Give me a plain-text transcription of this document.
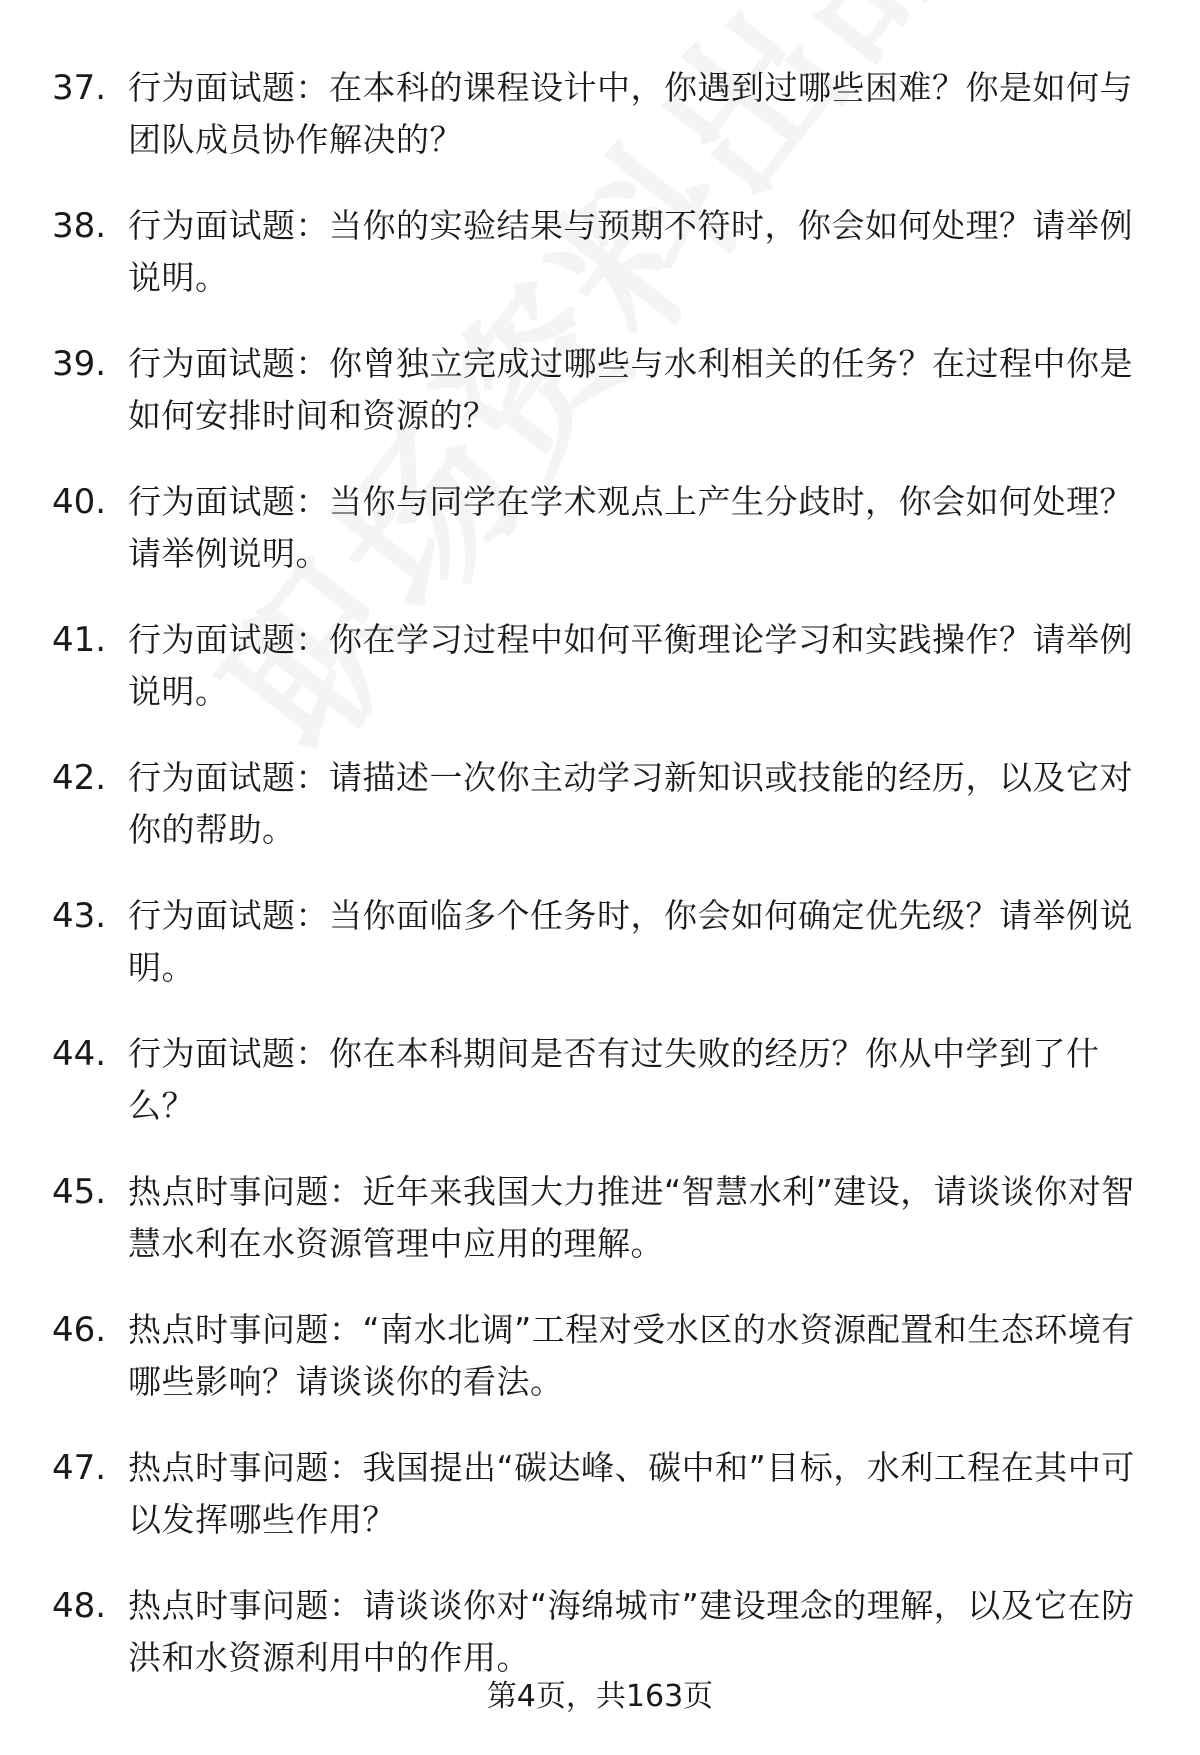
37. 行为面试题：在本科的课程设计中，你遇到过哪些困难？你是如何与团队成员协作解决的？
38. 行为面试题：当你的实验结果与预期不符时，你会如何处理？请举例说明。
39. 行为面试题：你曾独立完成过哪些与水利相关的任务？在过程中你是如何安排时间和资源的？
40. 行为面试题：当你与同学在学术观点上产生分歧时，你会如何处理？请举例说明。
41. 行为面试题：你在学习过程中如何平衡理论学习和实践操作？请举例说明。
42. 行为面试题：请描述一次你主动学习新知识或技能的经历，以及它对你的帮助。
43. 行为面试题：当你面临多个任务时，你会如何确定优先级？请举例说明。
44. 行为面试题：你在本科期间是否有过失败的经历？你从中学到了什么？
45. 热点时事问题：近年来我国大力推进“智慧水利”建设，请谈谈你对智慧水利在水资源管理中应用的理解。
46. 热点时事问题：“南水北调”工程对受水区的水资源配置和生态环境有哪些影响？请谈谈你的看法。
47. 热点时事问题：我国提出“碳达峰、碳中和”目标，水利工程在其中可以发挥哪些作用？
48. 热点时事问题：请谈谈你对“海绵城市”建设理念的理解，以及它在防洪和水资源利用中的作用。
第4页，共163页
